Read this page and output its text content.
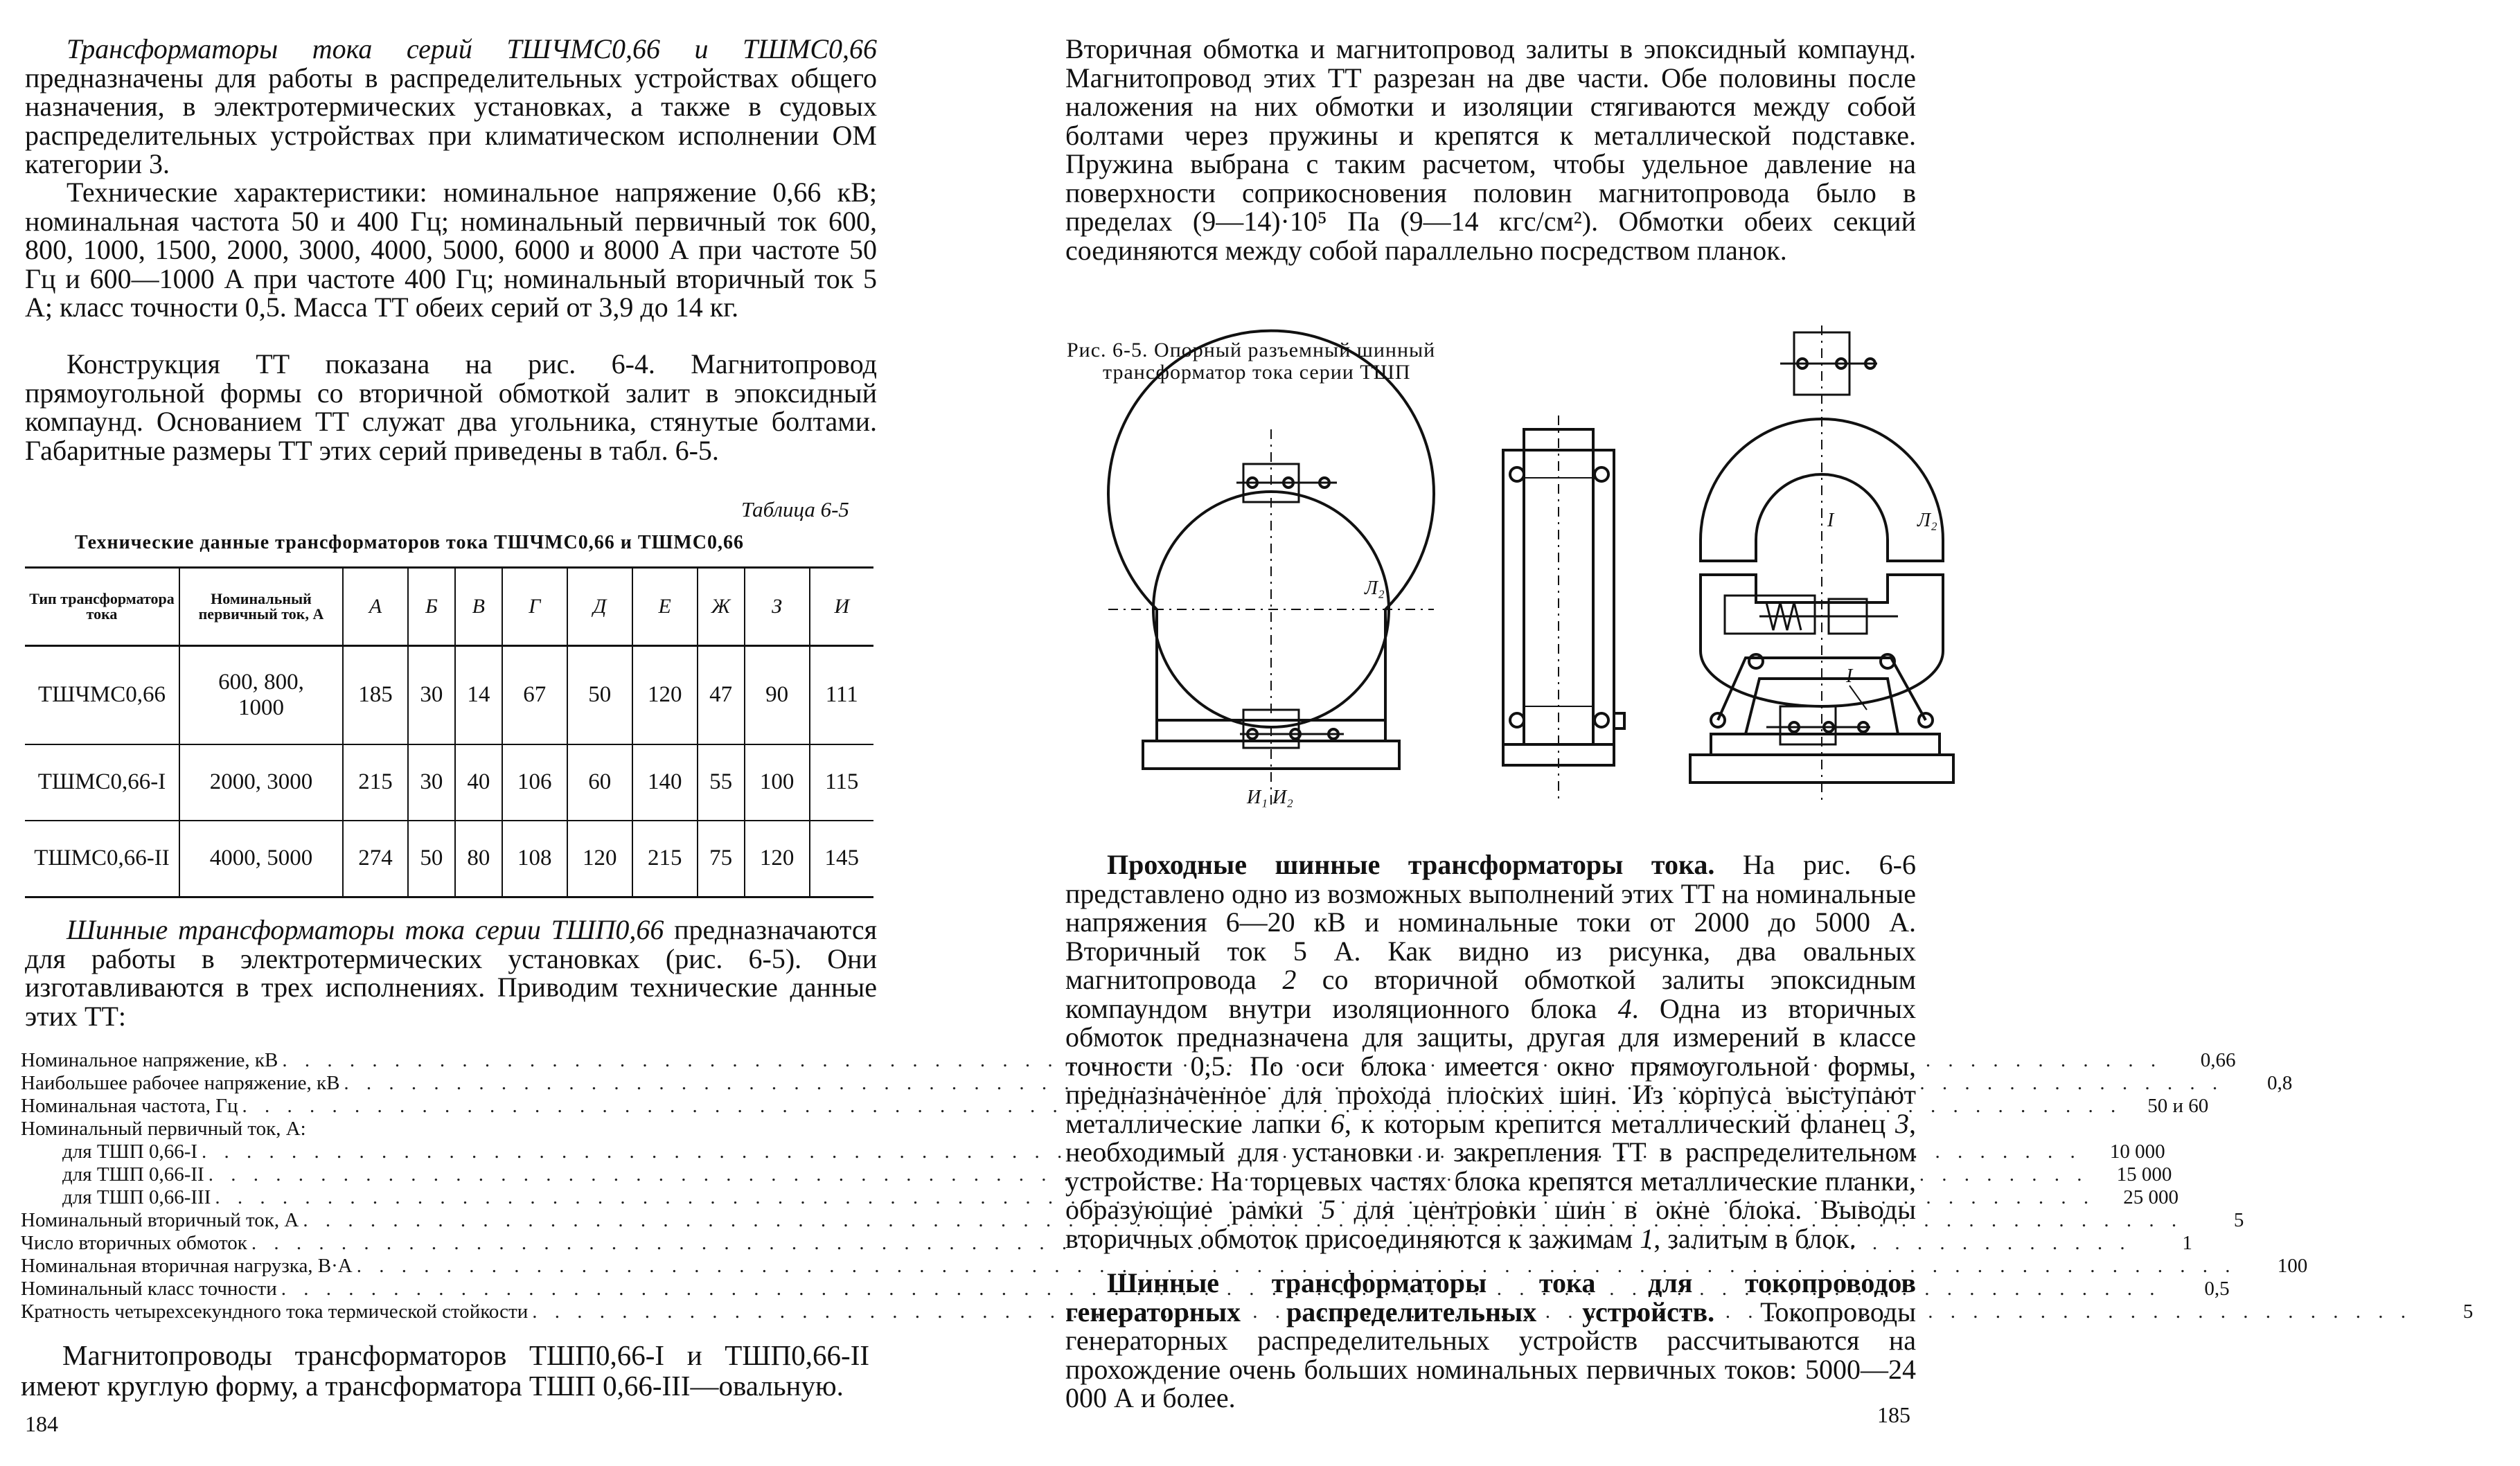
Трансформаторы тока серий ТШЧМС0,66 и ТШМС0,66 предназначены для работы в распределительных устройствах общего назначения, в электротермических установках, а также в судовых распределительных устройствах при климатическом исполнении ОМ категории 3.

Технические характеристики: номинальное напряжение 0,66 кВ; номинальная частота 50 и 400 Гц; номинальный первичный ток 600, 800, 1000, 1500, 2000, 3000, 4000, 5000, 6000 и 8000 А при частоте 50 Гц и 600—1000 А при частоте 400 Гц; номинальный вторичный ток 5 А; класс точности 0,5. Масса ТТ обеих серий от 3,9 до 14 кг.

Конструкция ТТ показана на рис. 6-4. Магнитопровод прямоугольной формы со вторичной обмоткой залит в эпоксидный компаунд. Основанием ТТ служат два угольника, стянутые болтами. Габаритные размеры ТТ этих серий приведены в табл. 6-5.

Таблица 6-5
Технические данные трансформаторов тока ТШЧМС0,66 и ТШМС0,66
Тип трансформатора тока	Номинальный первичный ток, А	А	Б	В	Г	Д	Е	Ж	З	И
ТШЧМС0,66	600, 800, 1000	185	30	14	67	50	120	47	90	111
ТШМС0,66-I	2000, 3000	215	30	40	106	60	140	55	100	115
ТШМС0,66-II	4000, 5000	274	50	80	108	120	215	75	120	145

Шинные трансформаторы тока серии ТШП0,66 предназначаются для работы в электротермических установках (рис. 6-5). Они изготавливаются в трех исполнениях. Приводим технические данные этих ТТ:

Номинальное напряжение, кВ . . .	0,66
Наибольшее рабочее напряжение, кВ . . .	0,8
Номинальная частота, Гц . . .	50 и 60
Номинальный первичный ток, А:
для ТШП 0,66-I . . .	10 000
для ТШП 0,66-II . . .	15 000
для ТШП 0,66-III . . .	25 000
Номинальный вторичный ток, А . . .	5
Число вторичных обмоток . . .	1
Номинальная вторичная нагрузка, В·А . . .	100
Номинальный класс точности . . .	0,5
Кратность четырехсекундного тока термической стойкости . . .	5

Магнитопроводы трансформаторов ТШП0,66-I и ТШП0,66-II имеют круглую форму, а трансформатора ТШП 0,66-III—овальную.

184

Вторичная обмотка и магнитопровод залиты в эпоксидный компаунд. Магнитопровод этих ТТ разрезан на две части. Обе половины после наложения на них обмотки и изоляции стягиваются между собой болтами через пружины и крепятся к металлической подставке. Пружина выбрана с таким расчетом, чтобы удельное давление на поверхности соприкосновения половин магнитопровода было в пределах (9—14)·10⁵ Па (9—14 кгс/см²). Обмотки обеих секций соединяются между собой параллельно посредством планок.

Рис. 6-5. Опорный разъемный шинный
трансформатор тока серии ТШП
Л₂
И₁ И₂
I	Л₂
I

Проходные шинные трансформаторы тока. На рис. 6-6 представлено одно из возможных выполнений этих ТТ на номинальные напряжения 6—20 кВ и номинальные токи от 2000 до 5000 А. Вторичный ток 5 А. Как видно из рисунка, два овальных магнитопровода 2 со вторичной обмоткой залиты эпоксидным компаундом внутри изоляционного блока 4. Одна из вторичных обмоток предназначена для защиты, другая для измерений в классе точности 0,5. По оси блока имеется окно прямоугольной формы, предназначенное для прохода плоских шин. Из корпуса выступают металлические лапки 6, к которым крепится металлический фланец 3, необходимый для установки и закрепления ТТ в распределительном устройстве. На торцевых частях блока крепятся металлические планки, образующие рамки 5 для центровки шин в окне блока. Выводы вторичных обмоток присоединяются к зажимам 1, залитым в блок.

Шинные трансформаторы тока для токопроводов генераторных распределительных устройств. Токопроводы генераторных распределительных устройств рассчитываются на прохождение очень больших номинальных первичных токов: 5000—24 000 А и более.

185
